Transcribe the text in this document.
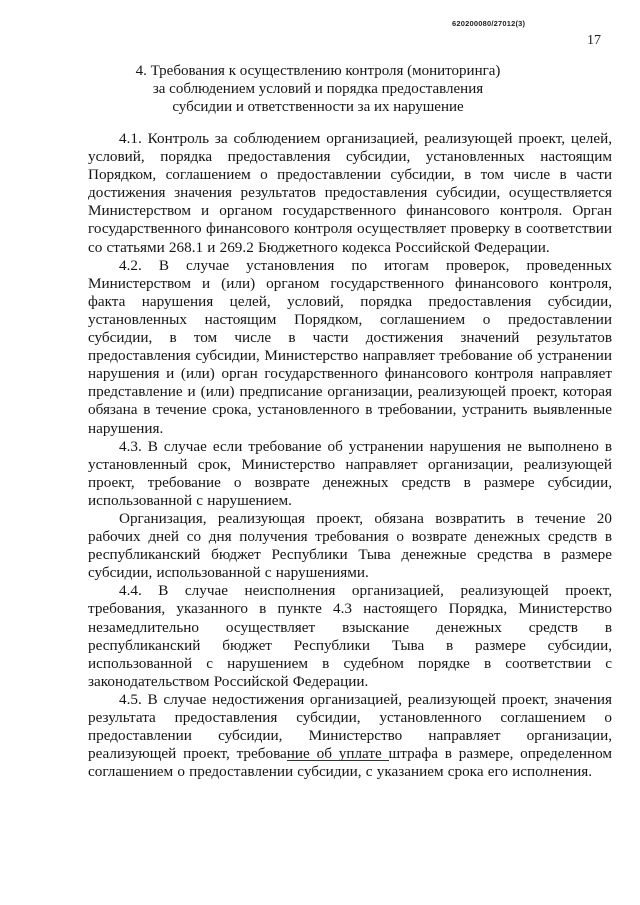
620200080/27012(3)
17
4. Требования к осуществлению контроля (мониторинга)
за соблюдением условий и порядка предоставления
субсидии и ответственности за их нарушение

4.1. Контроль за соблюдением организацией, реализующей проект, целей, условий, порядка предоставления субсидии, установленных настоящим Порядком, соглашением о предоставлении субсидии, в том числе в части достижения значения результатов предоставления субсидии, осуществляется Министерством и органом государственного финансового контроля. Орган государственного финансового контроля осуществляет проверку в соответствии со статьями 268.1 и 269.2 Бюджетного кодекса Российской Федерации.

4.2. В случае установления по итогам проверок, проведенных Министерством и (или) органом государственного финансового контроля, факта нарушения целей, условий, порядка предоставления субсидии, установленных настоящим Порядком, соглашением о предоставлении субсидии, в том числе в части достижения значений результатов предоставления субсидии, Министерство направляет требование об устранении нарушения и (или) орган государственного финансового контроля направляет представление и (или) предписание организации, реализующей проект, которая обязана в течение срока, установленного в требовании, устранить выявленные нарушения.

4.3. В случае если требование об устранении нарушения не выполнено в установленный срок, Министерство направляет организации, реализующей проект, требование о возврате денежных средств в размере субсидии, использованной с нарушением.

Организация, реализующая проект, обязана возвратить в течение 20 рабочих дней со дня получения требования о возврате денежных средств в республиканский бюджет Республики Тыва денежные средства в размере субсидии, использованной с нарушениями.

4.4. В случае неисполнения организацией, реализующей проект, требования, указанного в пункте 4.3 настоящего Порядка, Министерство незамедлительно осуществляет взыскание денежных средств в республиканский бюджет Республики Тыва в размере субсидии, использованной с нарушением в судебном порядке в соответствии с законодательством Российской Федерации.

4.5. В случае недостижения организацией, реализующей проект, значения результата предоставления субсидии, установленного соглашением о предоставлении субсидии, Министерство направляет организации, реализующей проект, требование об уплате штрафа в размере, определенном соглашением о предоставлении субсидии, с указанием срока его исполнения.
